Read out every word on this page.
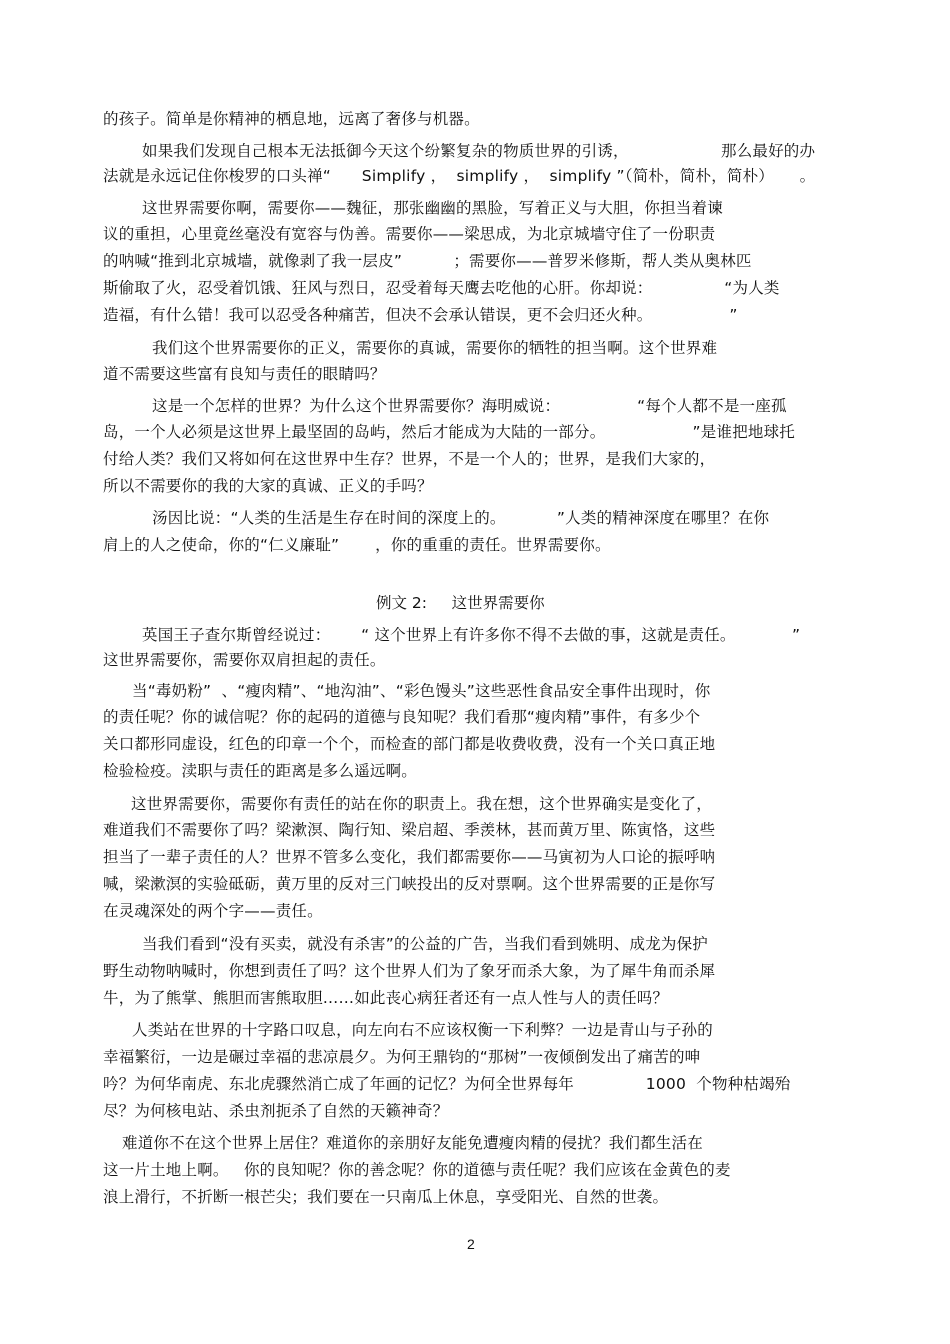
的孩子。简单是你精神的栖息地，远离了奢侈与机器。
如果我们发现自己根本无法抵御今天这个纷繁复杂的物质世界的引诱，                  那么最好的办
法就是永远记住你梭罗的口头禅“      Simplify ，  simplify ，  simplify ”（简朴，简朴，简朴）     。
这世界需要你啊，需要你——魏征，那张幽幽的黑脸，写着正义与大胆，你担当着谏
议的重担，心里竟丝毫没有宽容与伪善。需要你——梁思成，为北京城墙守住了一份职责
的呐喊“推到北京城墙，就像剥了我一层皮”          ；需要你——普罗米修斯，帮人类从奥林匹
斯偷取了火，忍受着饥饿、狂风与烈日，忍受着每天鹰去吃他的心肝。你却说：              “为人类
造福，有什么错！我可以忍受各种痛苦，但决不会承认错误，更不会归还火种。               ”
我们这个世界需要你的正义，需要你的真诚，需要你的牺牲的担当啊。这个世界难
道不需要这些富有良知与责任的眼睛吗？
这是一个怎样的世界？为什么这个世界需要你？海明威说：               “每个人都不是一座孤
岛，一个人必须是这世界上最坚固的岛屿，然后才能成为大陆的一部分。                 ”是谁把地球托
付给人类？我们又将如何在这世界中生存？世界，不是一个人的；世界，是我们大家的，
所以不需要你的我的大家的真诚、正义的手吗？
汤因比说：“人类的生活是生存在时间的深度上的。          ”人类的精神深度在哪里？在你
肩上的人之使命，你的“仁义廉耻”       ，你的重重的责任。世界需要你。
例文 2:     这世界需要你
英国王子查尔斯曾经说过：      “ 这个世界上有许多你不得不去做的事，这就是责任。           ”
这世界需要你，需要你双肩担起的责任。
当“毒奶粉”  、“瘦肉精”、“地沟油”、“彩色馒头”这些恶性食品安全事件出现时，你
的责任呢？你的诚信呢？你的起码的道德与良知呢？我们看那“瘦肉精”事件，有多少个
关口都形同虚设，红色的印章一个个，而检查的部门都是收费收费，没有一个关口真正地
检验检疫。渎职与责任的距离是多么遥远啊。
这世界需要你，需要你有责任的站在你的职责上。我在想，这个世界确实是变化了，
难道我们不需要你了吗？梁漱溟、陶行知、梁启超、季羡林，甚而黄万里、陈寅恪，这些
担当了一辈子责任的人？世界不管多么变化，我们都需要你——马寅初为人口论的振呼呐
喊，梁漱溟的实验砥砺，黄万里的反对三门峡投出的反对票啊。这个世界需要的正是你写
在灵魂深处的两个字——责任。
当我们看到“没有买卖，就没有杀害”的公益的广告，当我们看到姚明、成龙为保护
野生动物呐喊时，你想到责任了吗？这个世界人们为了象牙而杀大象，为了犀牛角而杀犀
牛，为了熊掌、熊胆而害熊取胆……如此丧心病狂者还有一点人性与人的责任吗？
人类站在世界的十字路口叹息，向左向右不应该权衡一下利弊？一边是青山与子孙的
幸福繁衍，一边是碾过幸福的悲凉晨夕。为何王鼎钧的“那树”一夜倾倒发出了痛苦的呻
吟？为何华南虎、东北虎骤然消亡成了年画的记忆？为何全世界每年              1000  个物种枯竭殆
尽？为何核电站、杀虫剂扼杀了自然的天籁神奇？
难道你不在这个世界上居住？难道你的亲朋好友能免遭瘦肉精的侵扰？我们都生活在
这一片土地上啊。   你的良知呢？你的善念呢？你的道德与责任呢？我们应该在金黄色的麦
浪上滑行，不折断一根芒尖；我们要在一只南瓜上休息，享受阳光、自然的世袭。
2
